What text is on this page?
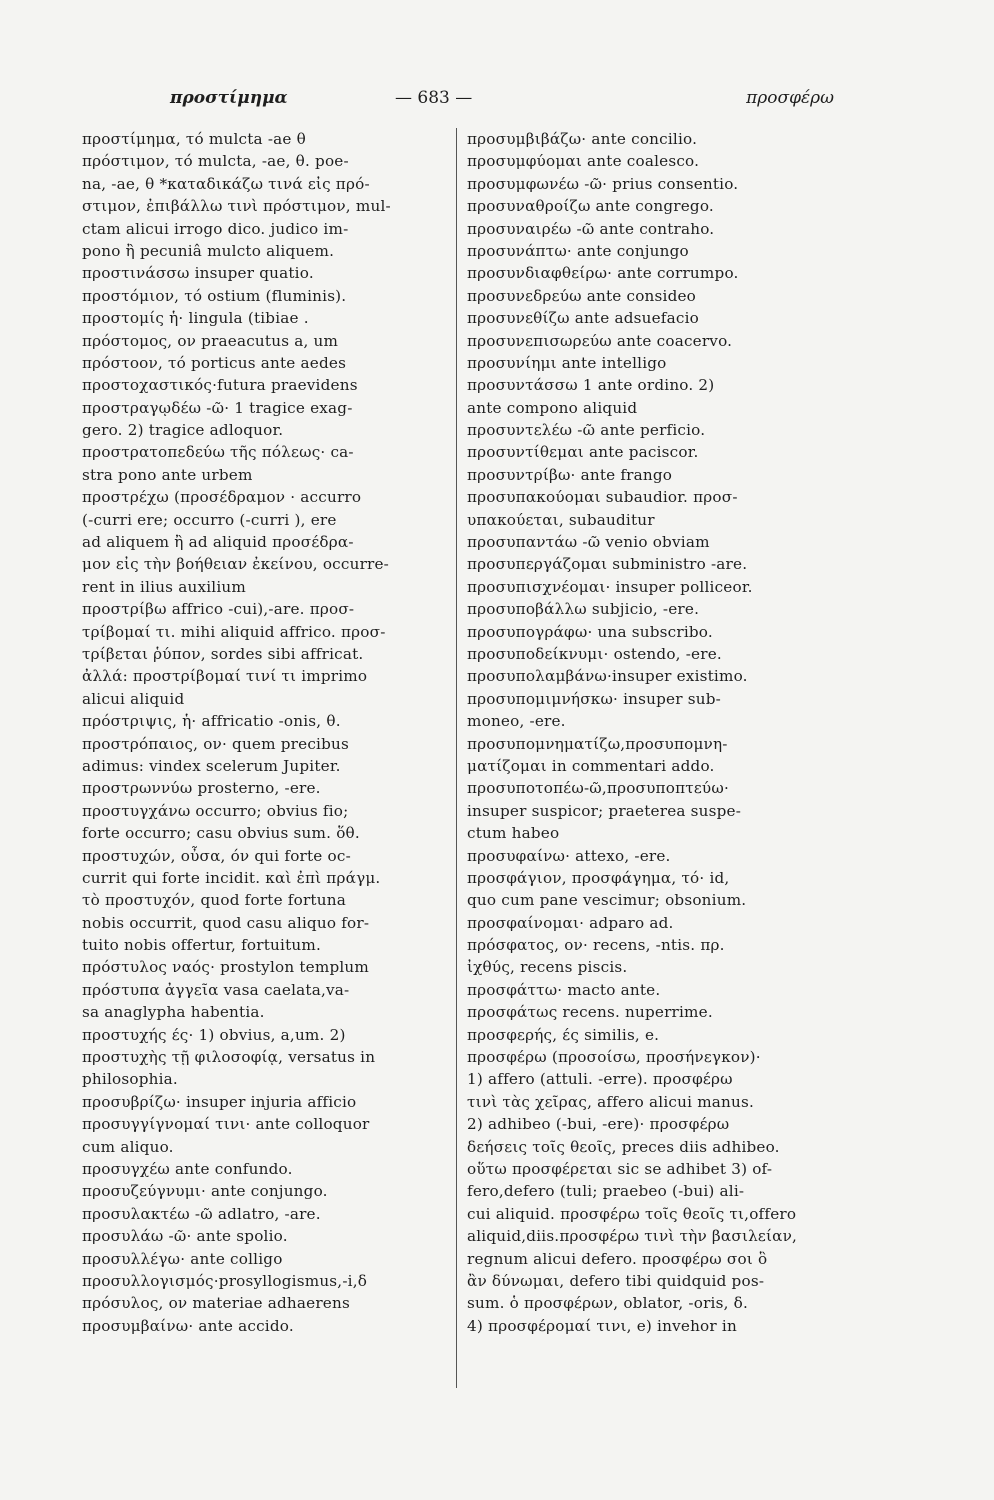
προστίμημα	— 683 —	προσφέρω
προστίμημα, τό mulcta -ae θ
πρόστιμον, τό mulcta, -ae, θ. poe-
na, -ae, θ *καταδικάζω τινά εἰς πρό-
στιμον, ἐπιβάλλω τινὶ πρόστιμον, mul-
ctam alicui irrogo dico. judico im-
pono ἢ pecuniâ mulcto aliquem.
προστινάσσω insuper quatio.
προστόμιον, τό ostium (fluminis).
προστομίς ἡ· lingula (tibiae .
πρόστομος, ον praeacutus a, um
πρόστοον, τό porticus ante aedes
προστοχαστικός·futura praevidens
προστραγῳδέω -ῶ· 1 tragice exag-
gero. 2) tragice adloquor.
προστρατοπεδεύω τῆς πόλεως· ca-
stra pono ante urbem
προστρέχω (προσέδραμον · accurro
(-curri ere; occurro (-curri ), ere
ad aliquem ἢ ad aliquid προσέδρα-
μον εἰς τὴν βοήθειαν ἐκείνου, occurre-
rent in ilius auxilium
προστρίβω affrico -cui),-are. προσ-
τρίβομαί τι. mihi aliquid affrico. προσ-
τρίβεται ῥύπον, sordes sibi affricat.
ἀλλά: προστρίβομαί τινί τι imprimo
alicui aliquid
πρόστριψις, ἡ· affricatio -onis, θ.
προστρόπαιος, ον· quem precibus
adimus: vindex scelerum Jupiter.
προστρωννύω prosterno, -ere.
προστυγχάνω occurro; obvius fio;
forte occurro; casu obvius sum. ὅθ.
προστυχών, οὖσα, όν qui forte oc-
currit qui forte incidit. καὶ ἐπὶ πράγμ.
τὸ προστυχόν, quod forte fortuna
nobis occurrit, quod casu aliquo for-
tuito nobis offertur, fortuitum.
πρόστυλος ναός· prostylon templum
πρόστυπα ἀγγεῖα vasa caelata,va-
sa anaglypha habentia.
προστυχής ές· 1) obvius, a,um. 2)
προστυχὴς τῇ φιλοσοφίᾳ, versatus in
philosophia.
προσυβρίζω· insuper injuria afficio
προσυγγίγνομαί τινι· ante colloquor
cum aliquo.
προσυγχέω ante confundo.
προσυζεύγνυμι· ante conjungo.
προσυλακτέω -ῶ adlatro, -are.
προσυλάω -ῶ· ante spolio.
προσυλλέγω· ante colligo
προσυλλογισμός·prosyllogismus,-i,δ
πρόσυλος, ον materiae adhaerens
προσυμβαίνω· ante accido.
προσυμβιβάζω· ante concilio.
προσυμφύομαι ante coalesco.
προσυμφωνέω -ῶ· prius consentio.
προσυναθροίζω ante congrego.
προσυναιρέω -ῶ ante contraho.
προσυνάπτω· ante conjungo
προσυνδιαφθείρω· ante corrumpo.
προσυνεδρεύω ante consideo
προσυνεθίζω ante adsuefacio
προσυνεπισωρεύω ante coacervo.
προσυνίημι ante intelligo
προσυντάσσω 1 ante ordino. 2)
ante compono aliquid
προσυντελέω -ῶ ante perficio.
προσυντίθεμαι ante paciscor.
προσυντρίβω· ante frango
προσυπακούομαι subaudior. προσ-
υπακούεται, subauditur
προσυπαντάω -ῶ venio obviam
προσυπεργάζομαι subministro -are.
προσυπισχνέομαι· insuper polliceor.
προσυποβάλλω subjicio, -ere.
προσυπογράφω· una subscribo.
προσυποδείκνυμι· ostendo, -ere.
προσυπολαμβάνω·insuper existimo.
προσυπομιμνήσκω· insuper sub-
moneo, -ere.
προσυπομνηματίζω,προσυπομνη-
ματίζομαι in commentari addo.
προσυποτοπέω-ῶ,προσυποπτεύω·
insuper suspicor; praeterea suspe-
ctum habeo
προσυφαίνω· attexo, -ere.
προσφάγιον, προσφάγημα, τό· id,
quo cum pane vescimur; obsonium.
προσφαίνομαι· adparo ad.
πρόσφατος, ον· recens, -ntis. πρ.
ἰχθύς, recens piscis.
προσφάττω· macto ante.
προσφάτως recens. nuperrime.
προσφερής, ές similis, e.
προσφέρω (προσοίσω, προσήνεγκον)·
1) affero (attuli. -erre). προσφέρω
τινὶ τὰς χεῖρας, affero alicui manus.
2) adhibeo (-bui, -ere)· προσφέρω
δεήσεις τοῖς θεοῖς, preces diis adhibeo.
οὕτω προσφέρεται sic se adhibet 3) of-
fero,defero (tuli; praebeo (-bui) ali-
cui aliquid. προσφέρω τοῖς θεοῖς τι,offero
aliquid,diis.προσφέρω τινὶ τὴν βασιλείαν,
regnum alicui defero. προσφέρω σοι ὃ
ἂν δύνωμαι, defero tibi quidquid pos-
sum. ὁ προσφέρων, oblator, -oris, δ.
4) προσφέρομαί τινι, e) invehor in
